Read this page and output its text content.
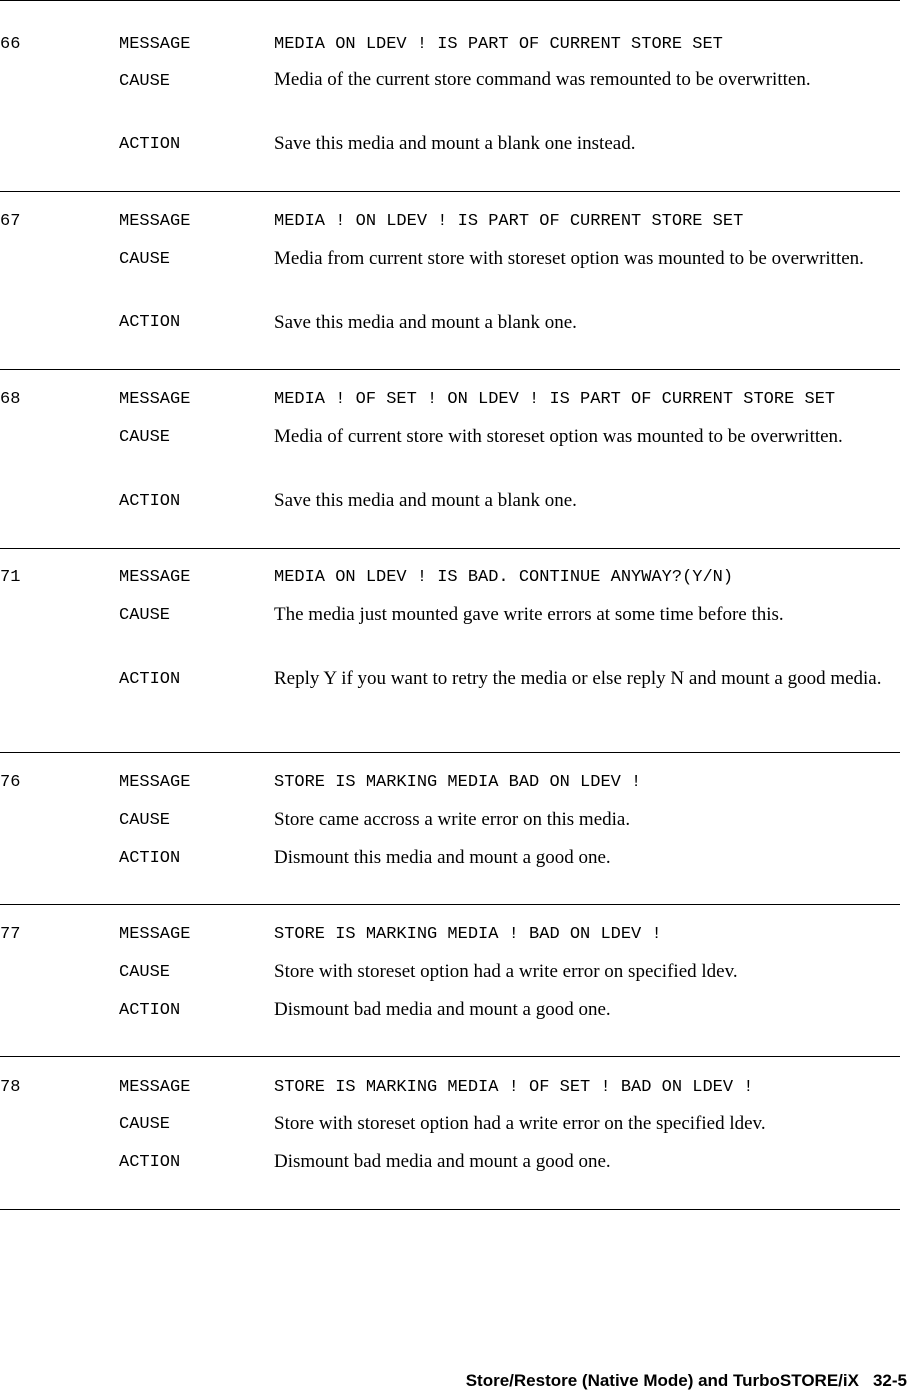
66	MESSAGE	MEDIA ON LDEV ! IS PART OF CURRENT STORE SET
CAUSE	Media of the current store command was remounted to be overwritten.
ACTION	Save this media and mount a blank one instead.
67	MESSAGE	MEDIA ! ON LDEV ! IS PART OF CURRENT STORE SET
CAUSE	Media from current store with storeset option was mounted to be overwritten.
ACTION	Save this media and mount a blank one.
68	MESSAGE	MEDIA ! OF SET ! ON LDEV ! IS PART OF CURRENT STORE SET
CAUSE	Media of current store with storeset option was mounted to be overwritten.
ACTION	Save this media and mount a blank one.
71	MESSAGE	MEDIA ON LDEV ! IS BAD. CONTINUE ANYWAY?(Y/N)
CAUSE	The media just mounted gave write errors at some time before this.
ACTION	Reply Y if you want to retry the media or else reply N and mount a good media.
76	MESSAGE	STORE IS MARKING MEDIA BAD ON LDEV !
CAUSE	Store came accross a write error on this media.
ACTION	Dismount this media and mount a good one.
77	MESSAGE	STORE IS MARKING MEDIA ! BAD ON LDEV !
CAUSE	Store with storeset option had a write error on specified ldev.
ACTION	Dismount bad media and mount a good one.
78	MESSAGE	STORE IS MARKING MEDIA ! OF SET ! BAD ON LDEV !
CAUSE	Store with storeset option had a write error on the specified ldev.
ACTION	Dismount bad media and mount a good one.
Store/Restore (Native Mode) and TurboSTORE/iX 32-5
